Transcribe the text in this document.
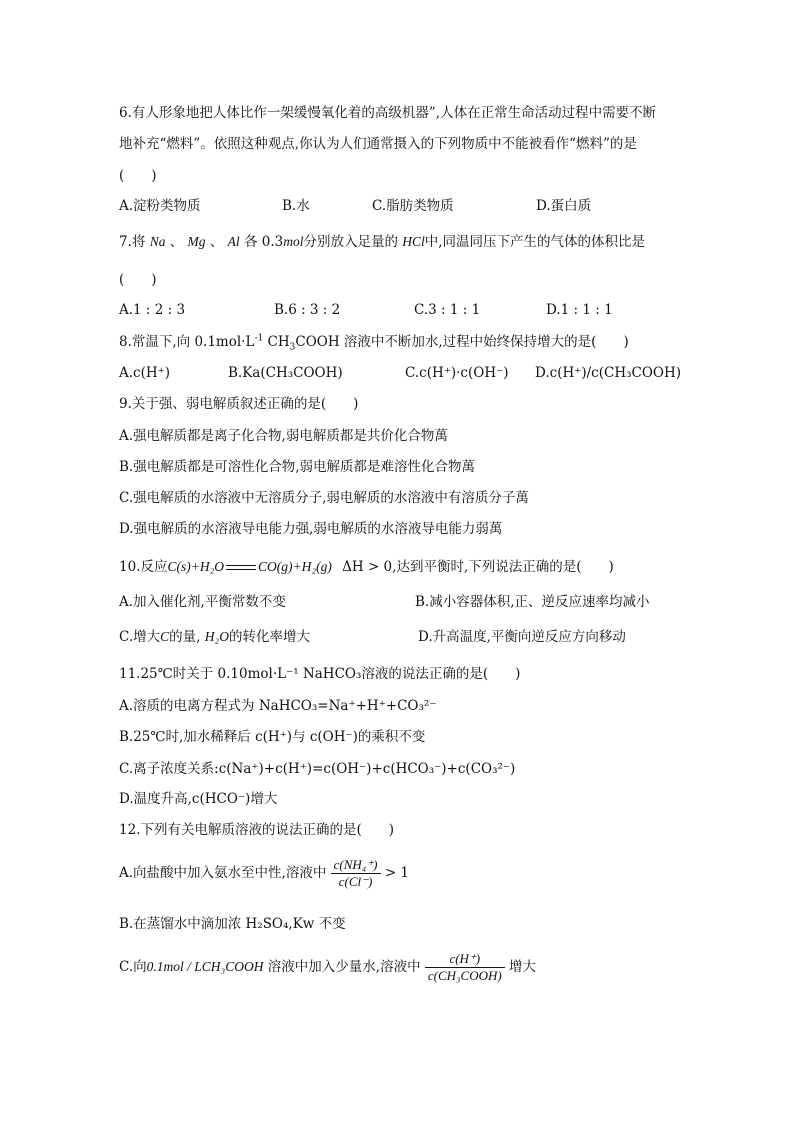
6.有人形象地把人体比作一架缓慢氧化着的高级机器”,人体在正常生命活动过程中需要不断
地补充“燃料”。依照这种观点,你认为人们通常摄入的下列物质中不能被看作“燃料”的是
(　　)
A.淀粉类物质	B.水	C.脂肪类物质	D.蛋白质
7.将 Na 、 Mg 、 Al 各 0.3mol分别放入足量的 HCl中,同温同压下产生的气体的体积比是
(　　)
A.1 : 2 : 3	B.6 : 3 : 2	C.3 : 1 : 1	D.1 : 1 : 1
8.常温下,向 $0.1mol\cdot L^{-1}$ $CH_3COOH$ 溶液中不断加水,过程中始终保持增大的是(　　)
A.c(H⁺)	B.Ka(CH₃COOH)	C.c(H⁺)·c(OH⁻) D.c(H⁺)/c(CH₃COOH)
9.关于强、弱电解质叙述正确的是(　　)
A.强电解质都是离子化合物,弱电解质都是共价化合物萬
B.强电解质都是可溶性化合物,弱电解质都是难溶性化合物萬
C.强电解质的水溶液中无溶质分子,弱电解质的水溶液中有溶质分子萬
D.强电解质的水溶液导电能力强,弱电解质的水溶液导电能力弱萬
10.反应C(s)+H₂O	CO(g)+H₂(g) ΔH > 0,达到平衡时,下列说法正确的是(　　)
A.加入催化剂,平衡常数不变	B.减小容器体积,正、逆反应速率均减小
C.增大C的量, H₂O的转化率增大	D.升高温度,平衡向逆反应方向移动
11.25℃时关于 0.10mol·L⁻¹ NaHCO₃溶液的说法正确的是(　　)
A.溶质的电离方程式为 NaHCO₃=Na⁺+H⁺+CO₃²⁻
B.25℃时,加水稀释后 c(H⁺)与 c(OH⁻)的乘积不变
C.离子浓度关系:c(Na⁺)+c(H⁺)=c(OH⁻)+c(HCO₃⁻)+c(CO₃²⁻)
D.温度升高,c(HCO⁻)增大
12.下列有关电解质溶液的说法正确的是(　　)
A.向盐酸中加入氨水至中性,溶液中 $\frac{\text{c(NH₄⁺)}}{c(Cl^-)} > 1$
B.在蒸馏水中滴加浓 H₂SO₄,Kw 不变
C.向0.1mol / LCH₃COOH 溶液中加入少量水,溶液中 $\frac{c(H^+)}{\text{c(CH₃COOH)}}$ 增大
